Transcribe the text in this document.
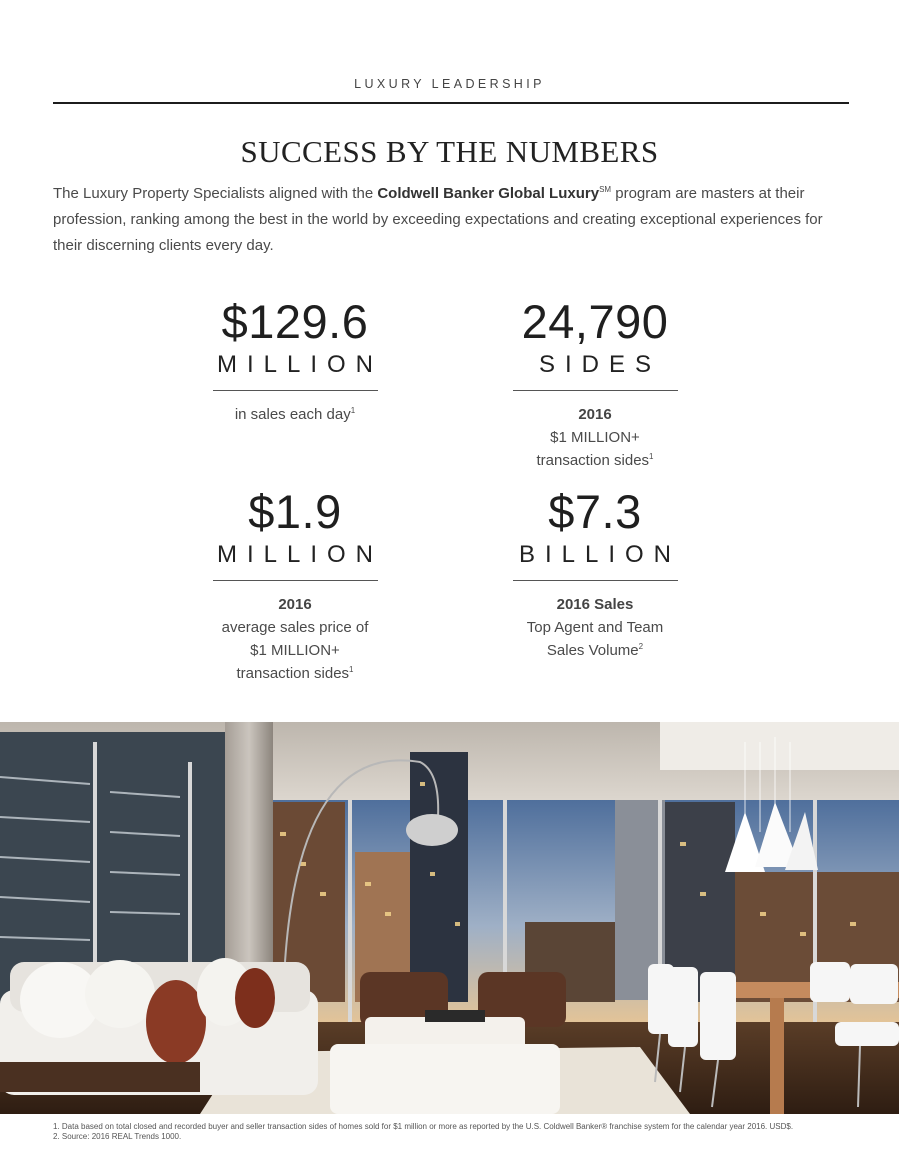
LUXURY LEADERSHIP
SUCCESS BY THE NUMBERS
The Luxury Property Specialists aligned with the Coldwell Banker Global Luxury℠ program are masters at their profession, ranking among the best in the world by exceeding expectations and creating exceptional experiences for their discerning clients every day.
$129.6
MILLION
in sales each day$^1$
24,790
SIDES
2016
$1 MILLION+
transaction sides$^1$
$1.9
MILLION
2016
average sales price of
$1 MILLION+
transaction sides$^1$
$7.3
BILLION
2016 Sales
Top Agent and Team
Sales Volume$^2$
1. Data based on total closed and recorded buyer and seller transaction sides of homes sold for $1 million or more as reported by the U.S. Coldwell Banker® franchise system for the calendar year 2016. USD$.
2. Source: 2016 REAL Trends 1000.
